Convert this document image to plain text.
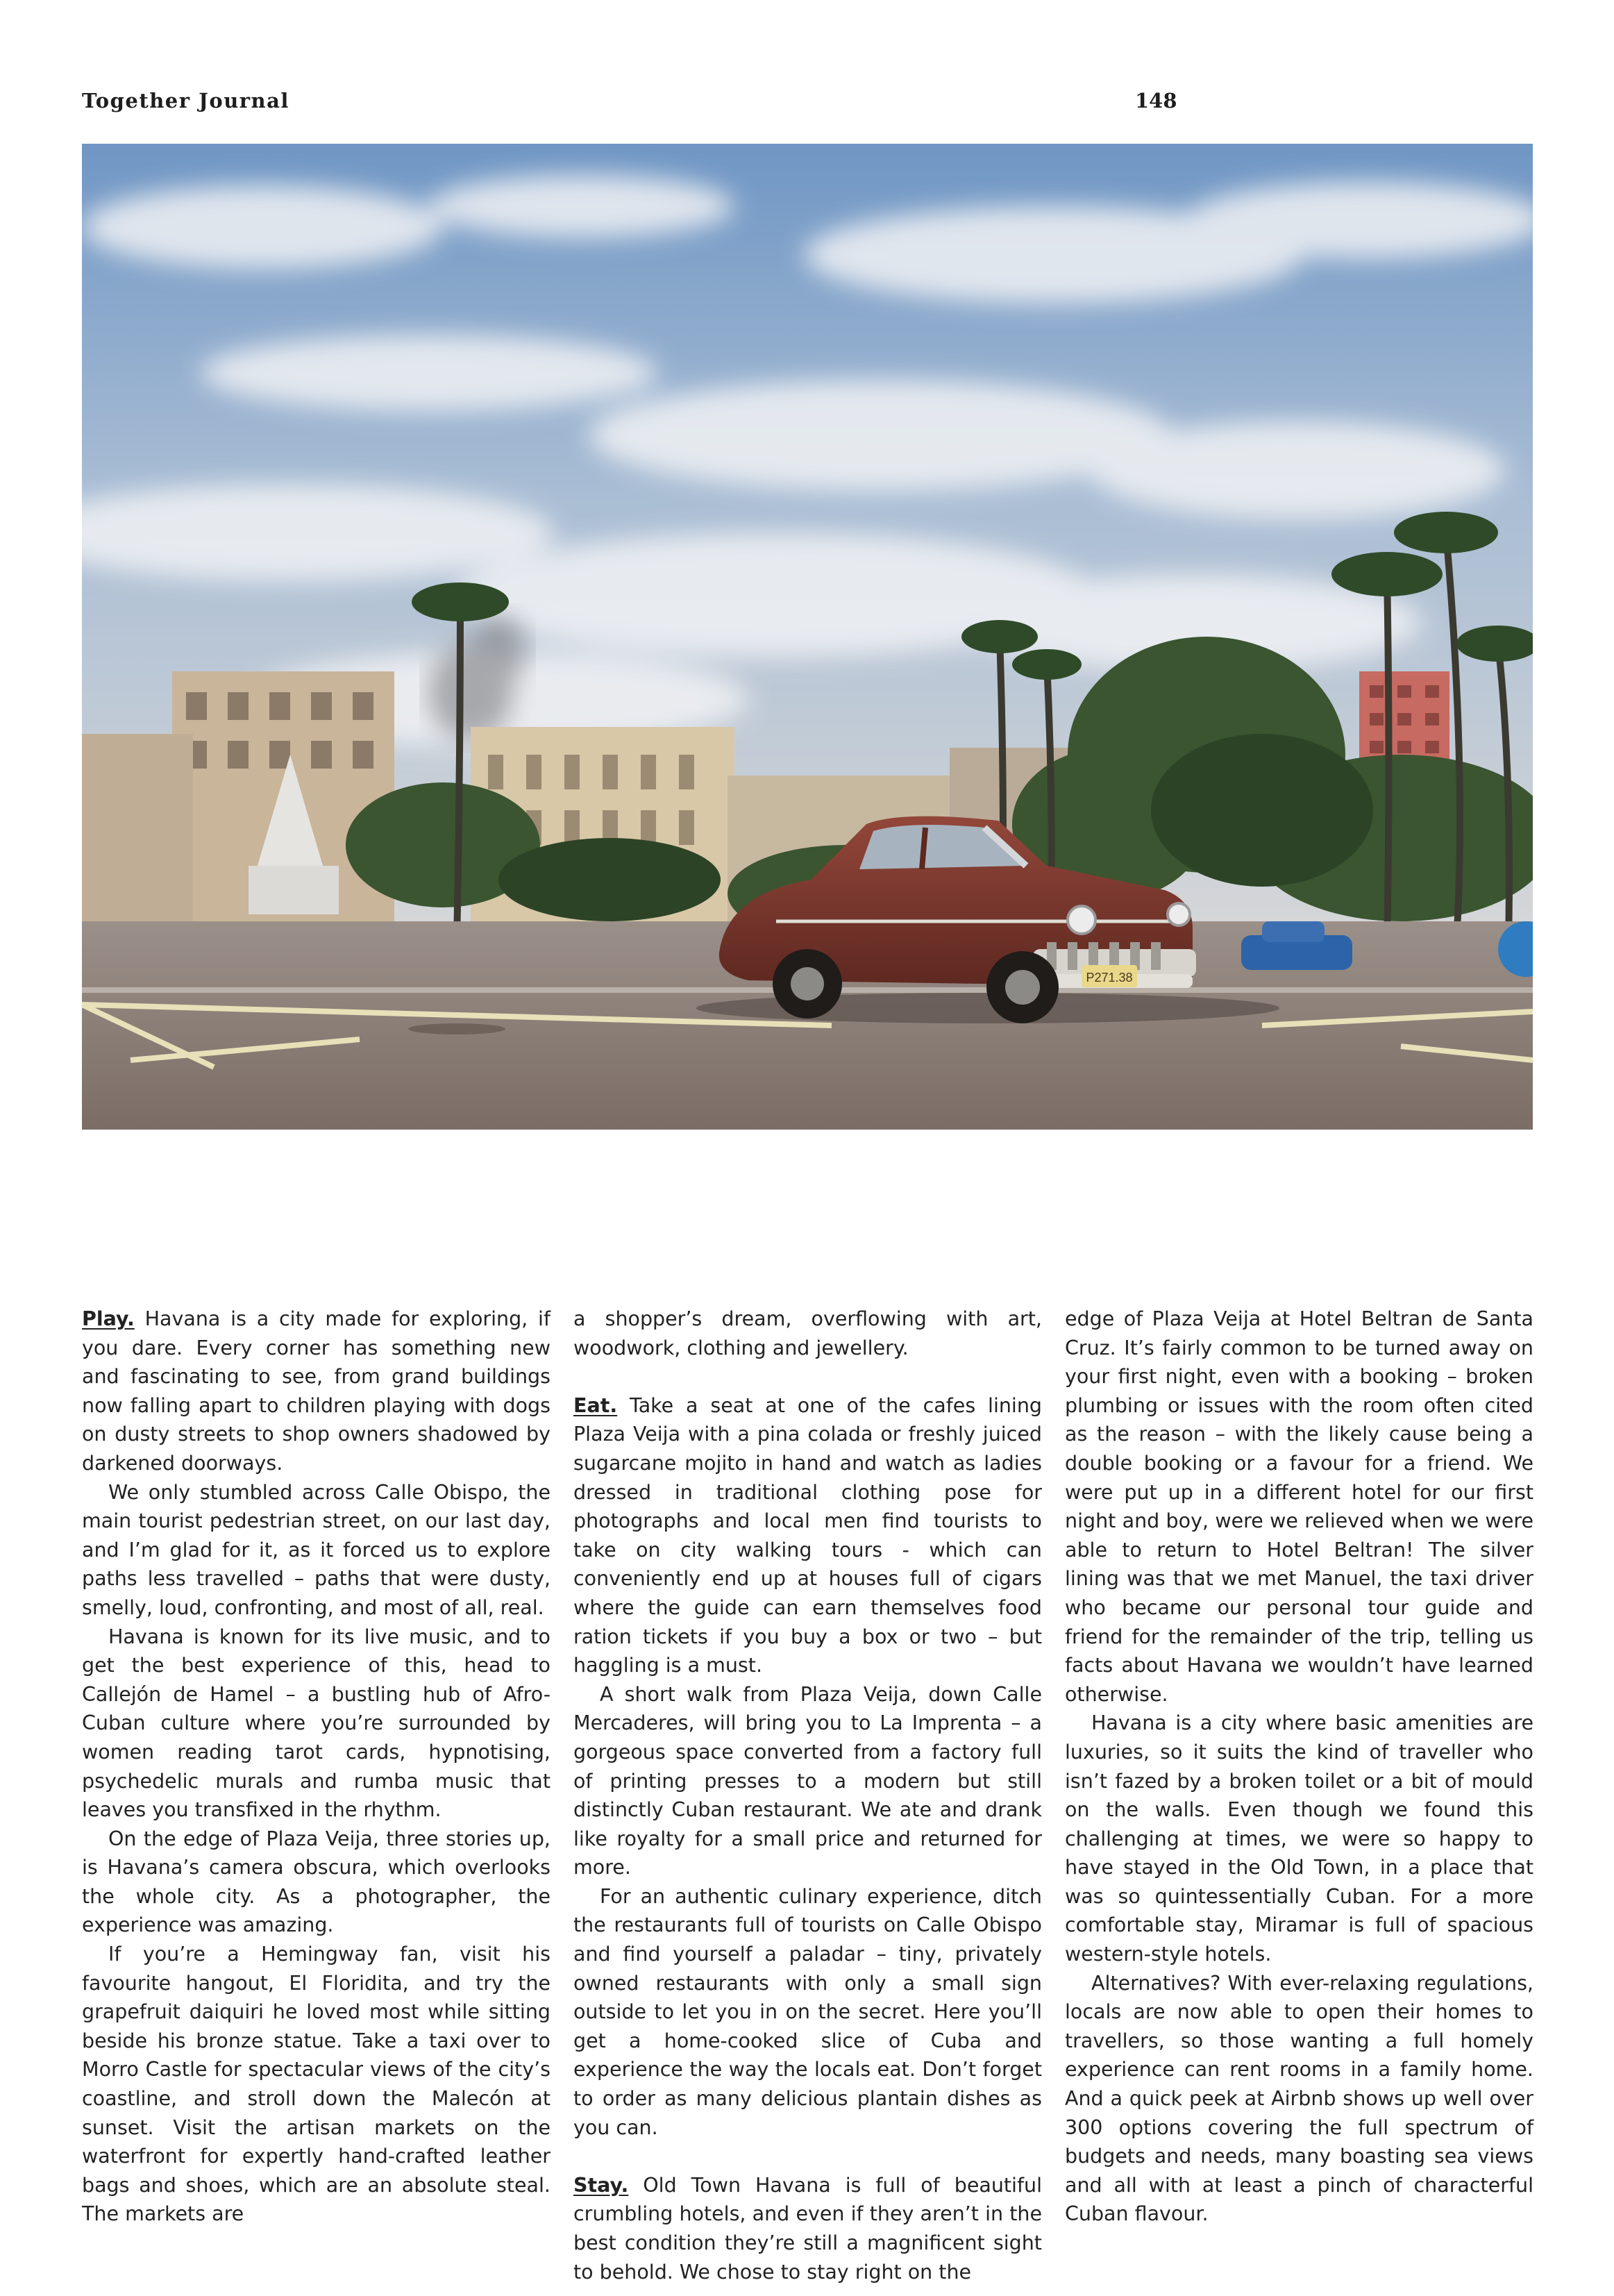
Together Journal	148
P271.38

Play. Havana is a city made for exploring, if you dare. Every corner has something new and fascinating to see, from grand buildings now falling apart to children playing with dogs on dusty streets to shop owners shadowed by darkened doorways.

We only stumbled across Calle Obispo, the main tourist pedestrian street, on our last day, and I’m glad for it, as it forced us to explore paths less travelled – paths that were dusty, smelly, loud, confronting, and most of all, real.

Havana is known for its live music, and to get the best experience of this, head to Callejón de Hamel – a bustling hub of Afro-Cuban culture where you’re surrounded by women reading tarot cards, hypnotising, psychedelic murals and rumba music that leaves you transfixed in the rhythm.

On the edge of Plaza Veija, three stories up, is Havana’s camera obscura, which overlooks the whole city. As a photographer, the experience was amazing.

If you’re a Hemingway fan, visit his favourite hangout, El Floridita, and try the grapefruit daiquiri he loved most while sitting beside his bronze statue. Take a taxi over to Morro Castle for spectacular views of the city’s coastline, and stroll down the Malecón at sunset. Visit the artisan markets on the waterfront for expertly hand-crafted leather bags and shoes, which are an absolute steal. The markets are

a shopper’s dream, overflowing with art, woodwork, clothing and jewellery.

Eat. Take a seat at one of the cafes lining Plaza Veija with a pina colada or freshly juiced sugarcane mojito in hand and watch as ladies dressed in traditional clothing pose for photographs and local men find tourists to take on city walking tours - which can conveniently end up at houses full of cigars where the guide can earn themselves food ration tickets if you buy a box or two – but haggling is a must.

A short walk from Plaza Veija, down Calle Mercaderes, will bring you to La Imprenta – a gorgeous space converted from a factory full of printing presses to a modern but still distinctly Cuban restaurant. We ate and drank like royalty for a small price and returned for more.

For an authentic culinary experience, ditch the restaurants full of tourists on Calle Obispo and find yourself a paladar – tiny, privately owned restaurants with only a small sign outside to let you in on the secret. Here you’ll get a home-cooked slice of Cuba and experience the way the locals eat. Don’t forget to order as many delicious plantain dishes as you can.

Stay. Old Town Havana is full of beautiful crumbling hotels, and even if they aren’t in the best condition they’re still a magnificent sight to behold. We chose to stay right on the

edge of Plaza Veija at Hotel Beltran de Santa Cruz. It’s fairly common to be turned away on your first night, even with a booking – broken plumbing or issues with the room often cited as the reason – with the likely cause being a double booking or a favour for a friend. We were put up in a different hotel for our first night and boy, were we relieved when we were able to return to Hotel Beltran! The silver lining was that we met Manuel, the taxi driver who became our personal tour guide and friend for the remainder of the trip, telling us facts about Havana we wouldn’t have learned otherwise.

Havana is a city where basic amenities are luxuries, so it suits the kind of traveller who isn’t fazed by a broken toilet or a bit of mould on the walls. Even though we found this challenging at times, we were so happy to have stayed in the Old Town, in a place that was so quintessentially Cuban. For a more comfortable stay, Miramar is full of spacious western-style hotels.

Alternatives? With ever-relaxing regulations, locals are now able to open their homes to travellers, so those wanting a full homely experience can rent rooms in a family home. And a quick peek at Airbnb shows up well over 300 options covering the full spectrum of budgets and needs, many boasting sea views and all with at least a pinch of characterful Cuban flavour.
